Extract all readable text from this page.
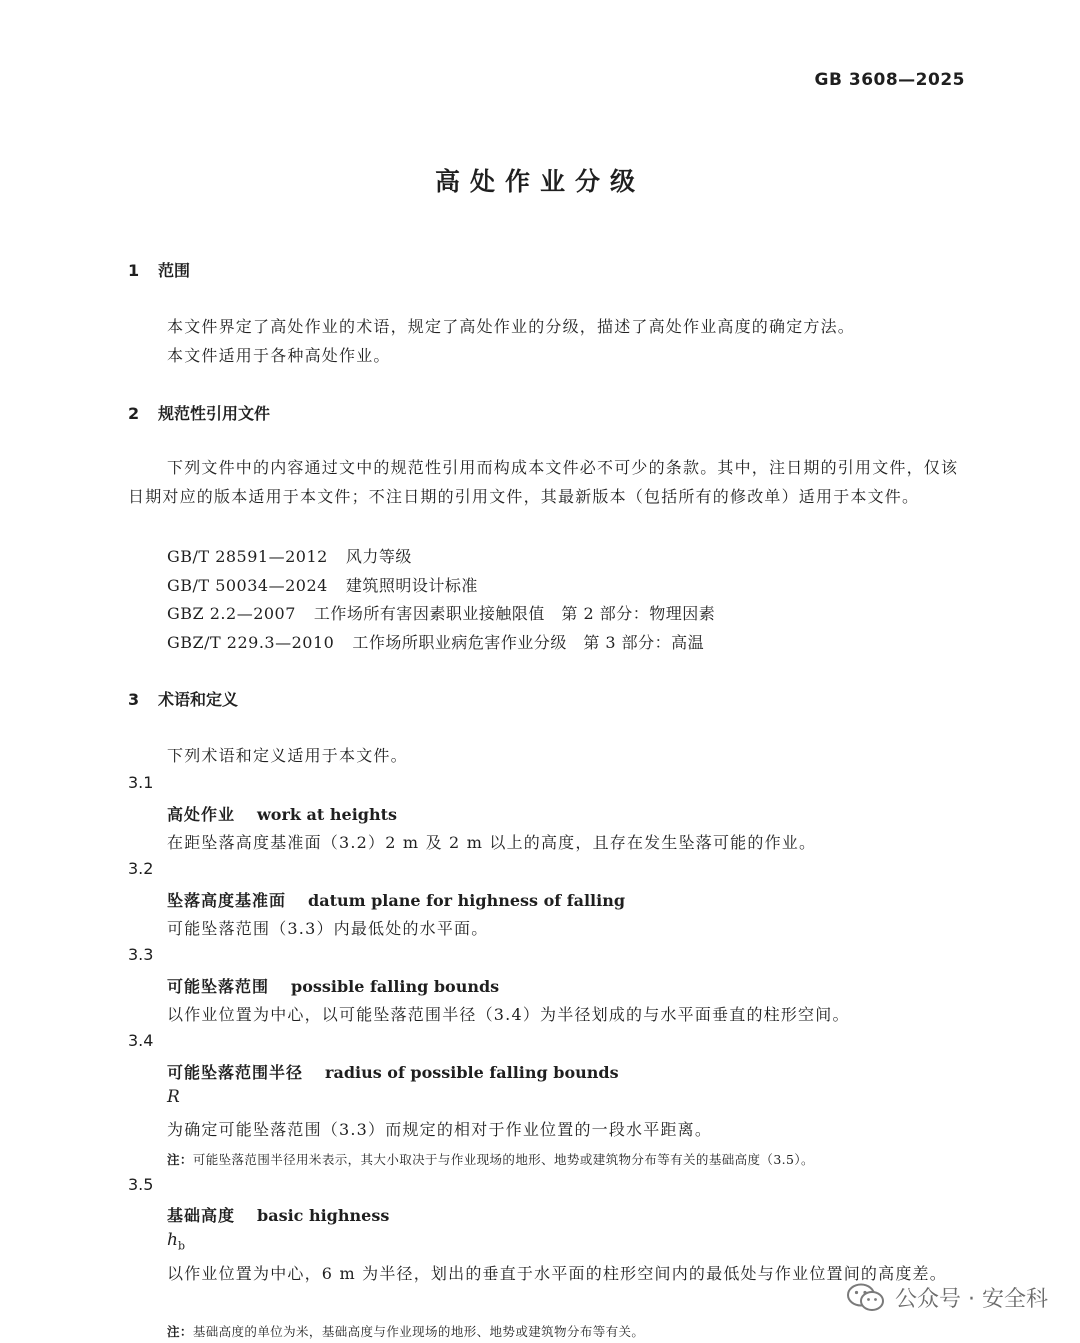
GB 3608—2025
高处作业分级
1 范围
本文件界定了高处作业的术语，规定了高处作业的分级，描述了高处作业高度的确定方法。
本文件适用于各种高处作业。
2 规范性引用文件
下列文件中的内容通过文中的规范性引用而构成本文件必不可少的条款。其中，注日期的引用文件，仅该日期对应的版本适用于本文件；不注日期的引用文件，其最新版本（包括所有的修改单）适用于本文件。
GB/T 28591—2012 风力等级
GB/T 50034—2024 建筑照明设计标准
GBZ 2.2—2007 工作场所有害因素职业接触限值　第 2 部分：物理因素
GBZ/T 229.3—2010 工作场所职业病危害作业分级　第 3 部分：高温
3 术语和定义
下列术语和定义适用于本文件。
3.1
高处作业 work at heights
在距坠落高度基准面（3.2）2 m 及 2 m 以上的高度，且存在发生坠落可能的作业。
3.2
坠落高度基准面 datum plane for highness of falling
可能坠落范围（3.3）内最低处的水平面。
3.3
可能坠落范围 possible falling bounds
以作业位置为中心，以可能坠落范围半径（3.4）为半径划成的与水平面垂直的柱形空间。
3.4
可能坠落范围半径 radius of possible falling bounds
R
为确定可能坠落范围（3.3）而规定的相对于作业位置的一段水平距离。
注：可能坠落范围半径用米表示，其大小取决于与作业现场的地形、地势或建筑物分布等有关的基础高度（3.5）。
3.5
基础高度 basic highness
$h_b$
以作业位置为中心，6 m 为半径，划出的垂直于水平面的柱形空间内的最低处与作业位置间的高度差。
注：基础高度的单位为米，基础高度与作业现场的地形、地势或建筑物分布等有关。
公众号 · 安全科
